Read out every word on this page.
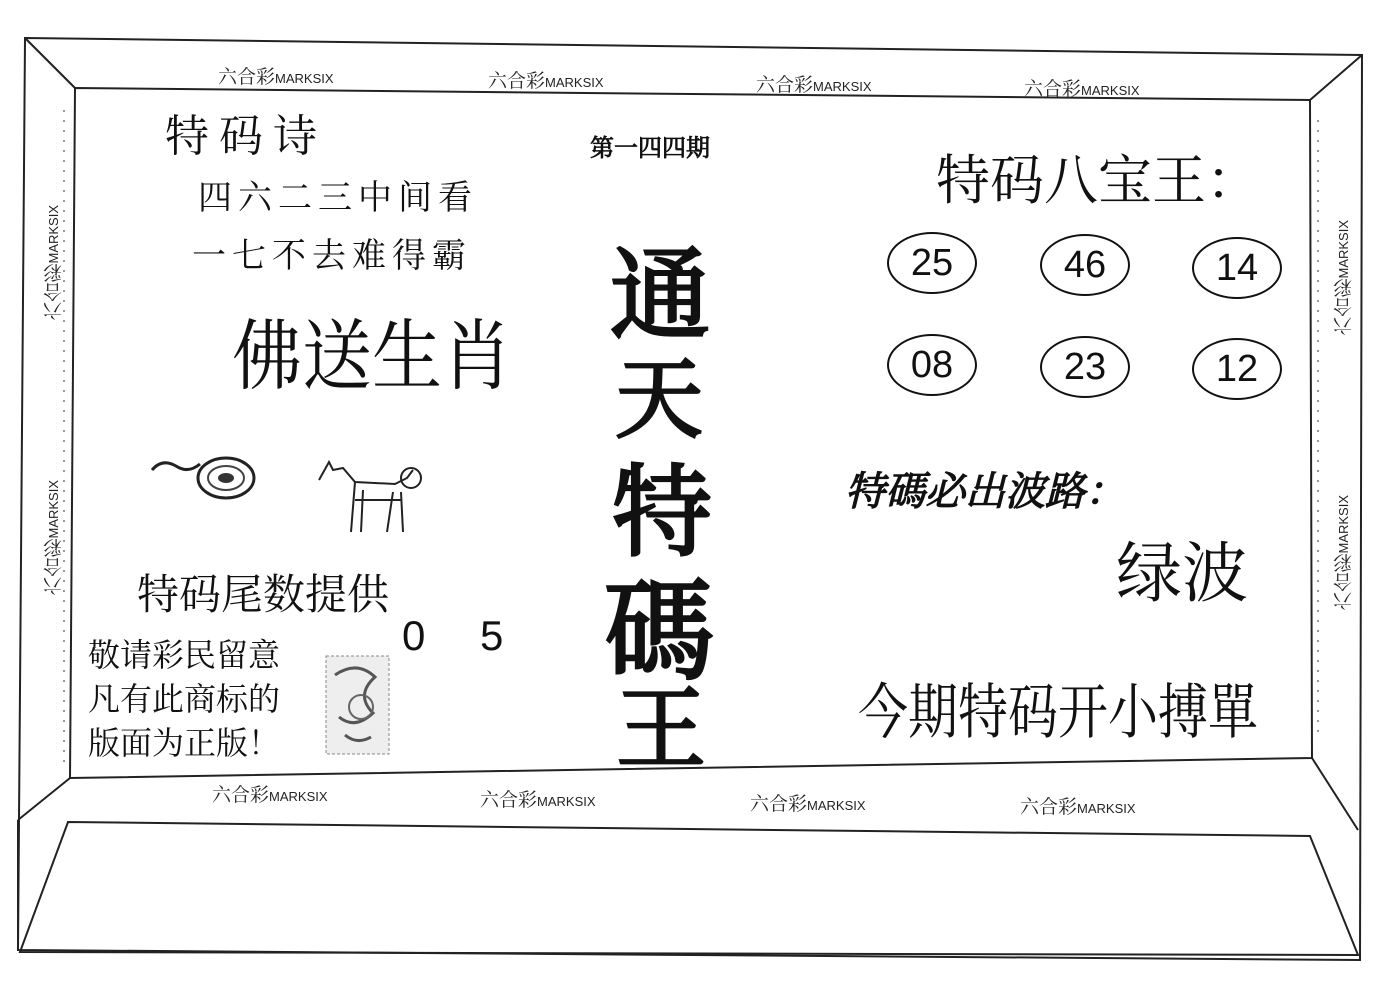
六合彩MARKSIX	六合彩MARKSIX	六合彩MARKSIX	六合彩MARKSIX
六合彩MARKSIX	六合彩MARKSIX	六合彩MARKSIX	六合彩MARKSIX
六合彩MARKSIX
六合彩MARKSIX
六合彩MARKSIX
六合彩MARKSIX
第一四四期
特码诗
四六二三中间看
一七不去难得霸
佛送生肖
特码尾数提供
0 5
敬请彩民留意
凡有此商标的
版面为正版！
通
天
特
碼
王
特码八宝王：
25	46	14
08	23	12
特碼必出波路：
绿波
今期特码开小搏單
